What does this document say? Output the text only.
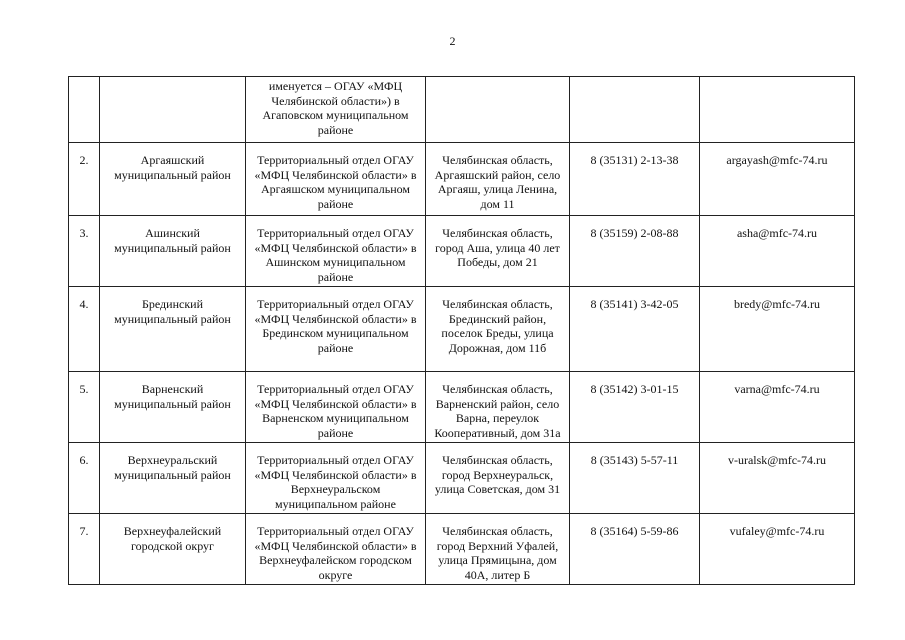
2
		именуется – ОГАУ «МФЦ Челябинской области») в Агаповском муниципальном районе			
2.	Аргаяшский муниципальный район	Территориальный отдел ОГАУ «МФЦ Челябинской области» в Аргаяшском муниципальном районе	Челябинская область, Аргаяшский район, село Аргаяш, улица Ленина, дом 11	8 (35131) 2-13-38	argayash@mfc-74.ru
3.	Ашинский муниципальный район	Территориальный отдел ОГАУ «МФЦ Челябинской области» в Ашинском муниципальном районе	Челябинская область, город Аша, улица 40 лет Победы, дом 21	8 (35159) 2-08-88	asha@mfc-74.ru
4.	Брединский муниципальный район	Территориальный отдел ОГАУ «МФЦ Челябинской области» в Брединском муниципальном районе	Челябинская область, Брединский район, поселок Бреды, улица Дорожная, дом 11б	8 (35141) 3-42-05	bredy@mfc-74.ru
5.	Варненский муниципальный район	Территориальный отдел ОГАУ «МФЦ Челябинской области» в Варненском муниципальном районе	Челябинская область, Варненский район, село Варна, переулок Кооперативный, дом 31а	8 (35142) 3-01-15	varna@mfc-74.ru
6.	Верхнеуральский муниципальный район	Территориальный отдел ОГАУ «МФЦ Челябинской области» в Верхнеуральском муниципальном районе	Челябинская область, город Верхнеуральск, улица Советская, дом 31	8 (35143) 5-57-11	v-uralsk@mfc-74.ru
7.	Верхнеуфалейский городской округ	Территориальный отдел ОГАУ «МФЦ Челябинской области» в Верхнеуфалейском городском округе	Челябинская область, город Верхний Уфалей, улица Прямицына, дом 40А, литер Б	8 (35164) 5-59-86	vufaley@mfc-74.ru
